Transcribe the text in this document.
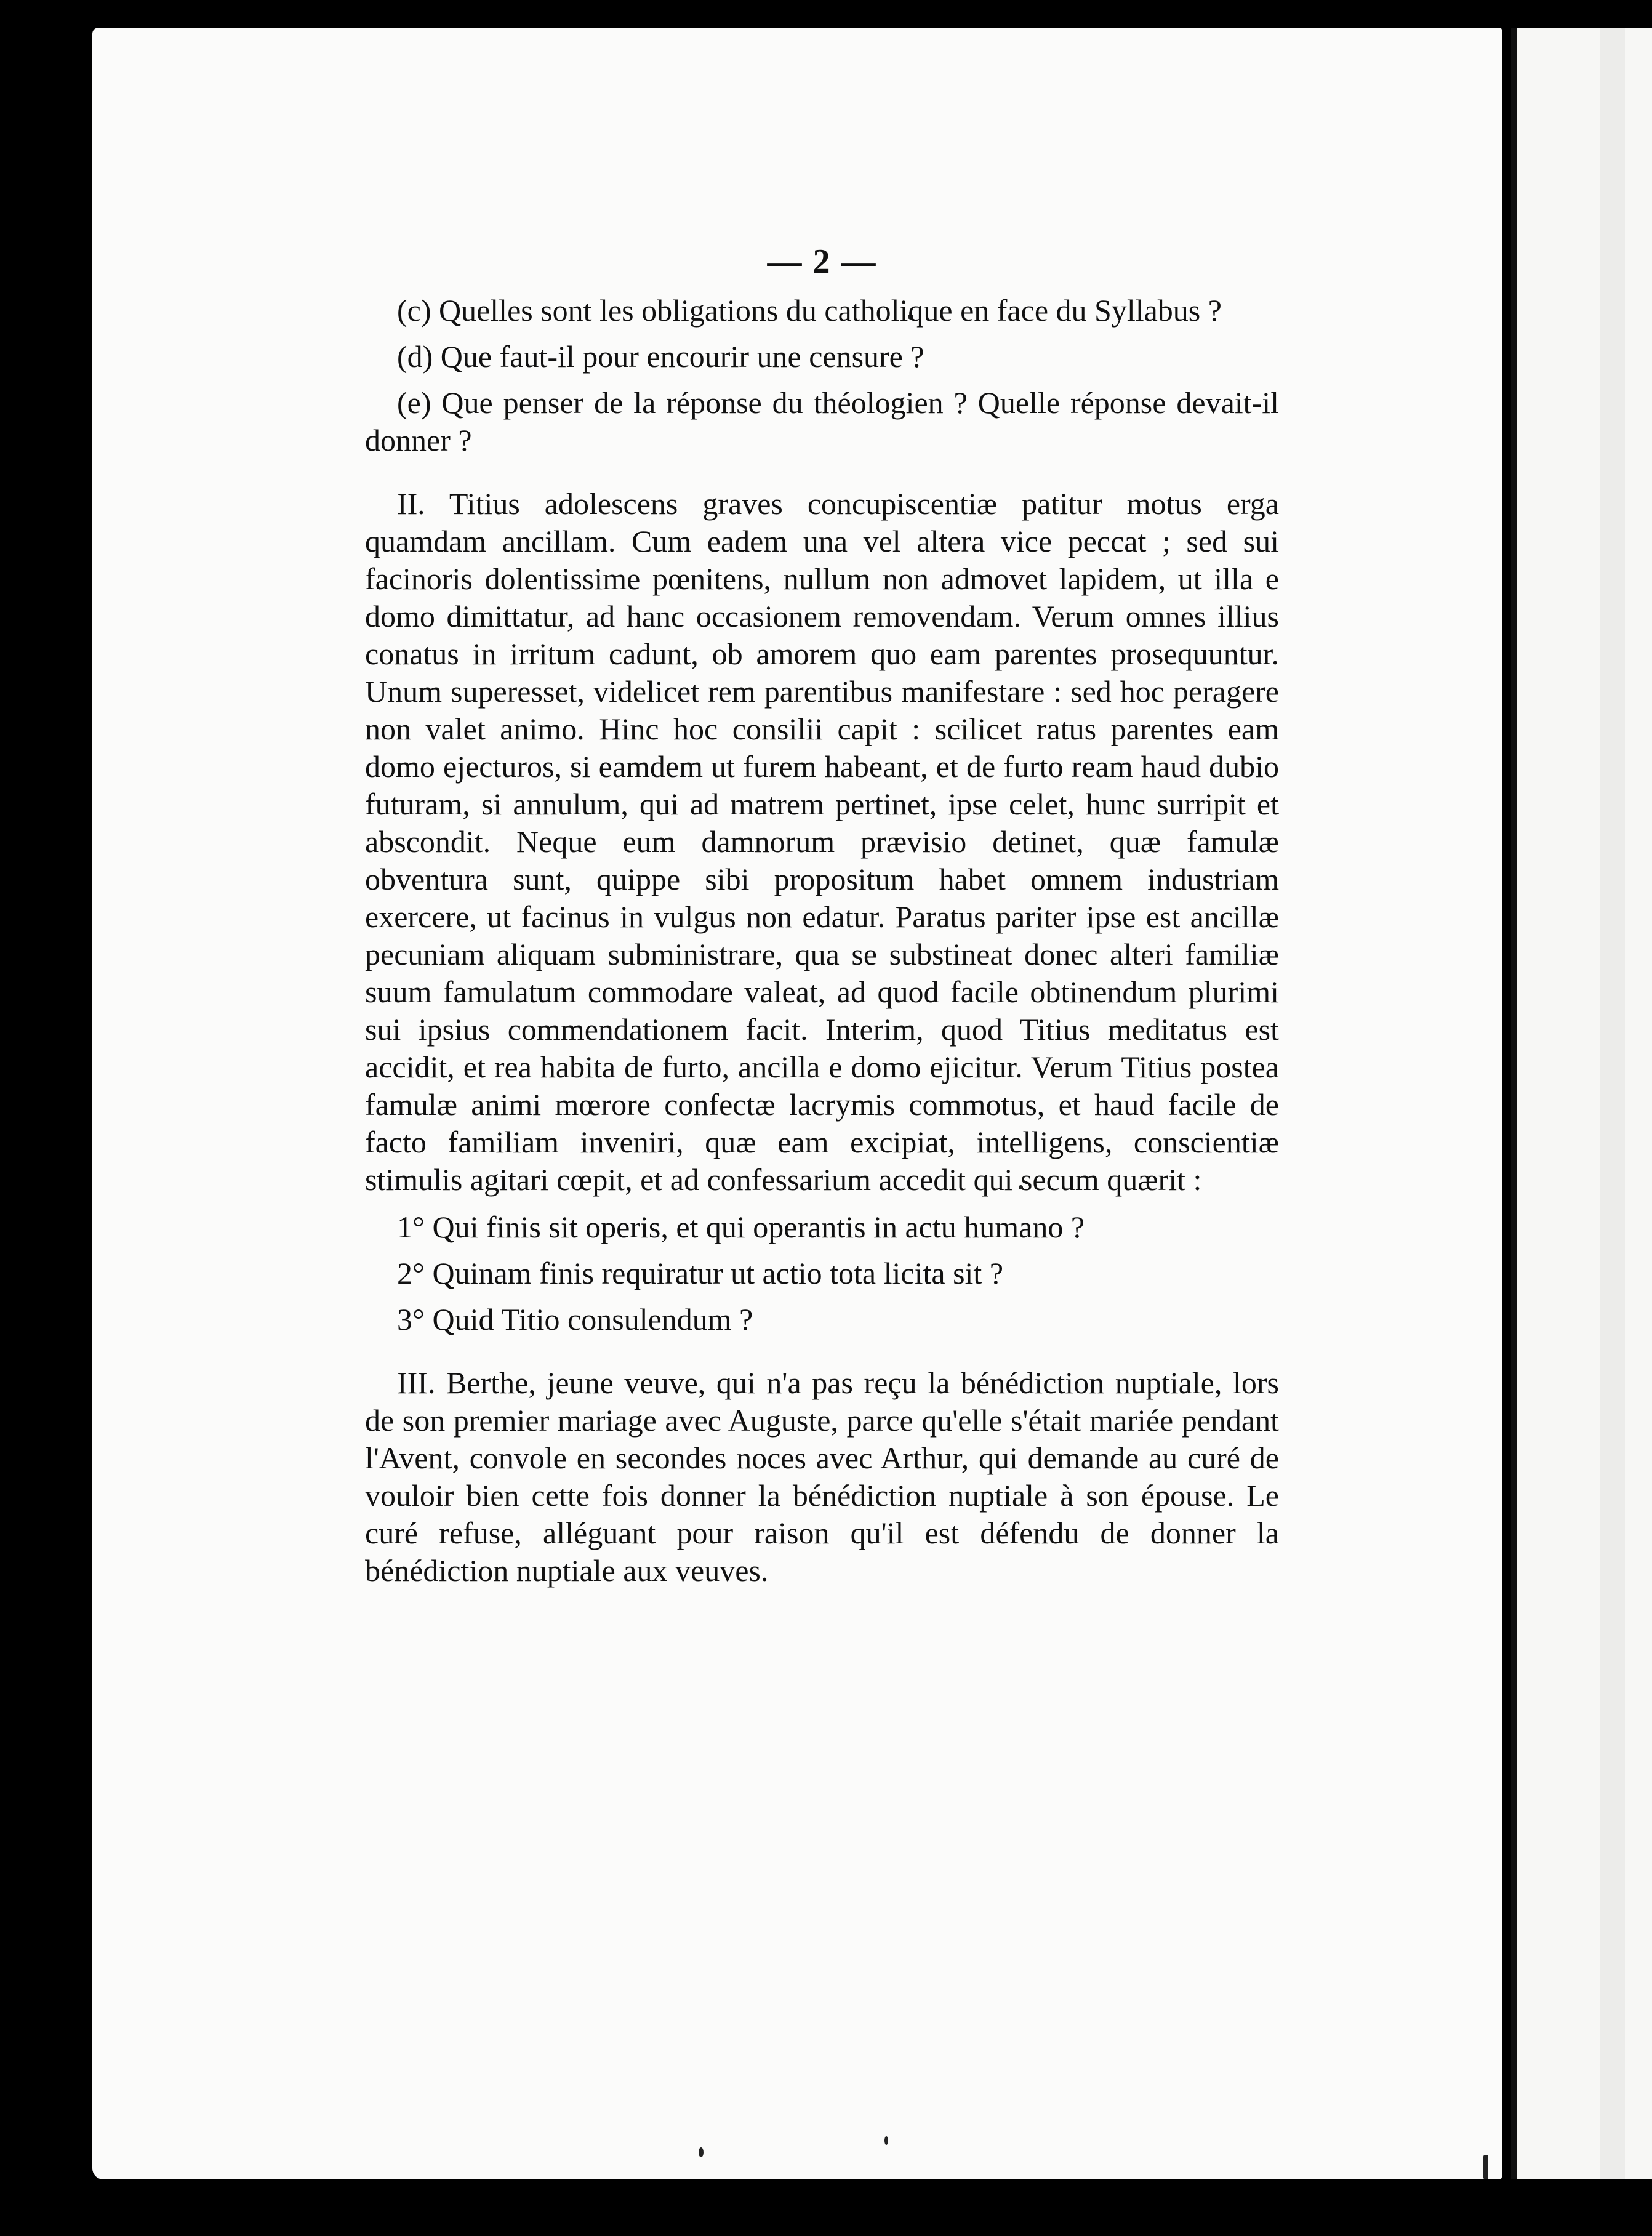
— 2 —

(c) Quelles sont les obligations du catholique en face du Syllabus ?

(d) Que faut-il pour encourir une censure ?

(e) Que penser de la réponse du théologien ? Quelle réponse devait-il donner ?

II. Titius adolescens graves concupiscentiæ patitur motus erga quamdam ancillam. Cum eadem una vel altera vice peccat ; sed sui facinoris dolentissime pœnitens, nullum non admovet lapidem, ut illa e domo dimittatur, ad hanc occasionem removendam. Verum omnes illius conatus in irritum cadunt, ob amorem quo eam parentes prosequuntur. Unum superesset, videlicet rem parentibus manifestare : sed hoc peragere non valet animo. Hinc hoc consilii capit : scilicet ratus parentes eam domo ejecturos, si eamdem ut furem habeant, et de furto ream haud dubio futuram, si annulum, qui ad matrem pertinet, ipse celet, hunc surripit et abscondit. Neque eum damnorum prævisio detinet, quæ famulæ obventura sunt, quippe sibi propositum habet omnem industriam exercere, ut facinus in vulgus non edatur. Paratus pariter ipse est ancillæ pecuniam aliquam subministrare, qua se substineat donec alteri familiæ suum famulatum commodare valeat, ad quod facile obtinendum plurimi sui ipsius commendationem facit. Interim, quod Titius meditatus est accidit, et rea habita de furto, ancilla e domo ejicitur. Verum Titius postea famulæ animi mœrore confectæ lacrymis commotus, et haud facile de facto familiam inveniri, quæ eam excipiat, intelligens, conscientiæ stimulis agitari cœpit, et ad confessarium accedit qui secum quærit :

1° Qui finis sit operis, et qui operantis in actu humano ?

2° Quinam finis requiratur ut actio tota licita sit ?

3° Quid Titio consulendum ?

III. Berthe, jeune veuve, qui n'a pas reçu la bénédiction nuptiale, lors de son premier mariage avec Auguste, parce qu'elle s'était mariée pendant l'Avent, convole en secondes noces avec Arthur, qui demande au curé de vouloir bien cette fois donner la bénédiction nuptiale à son épouse. Le curé refuse, alléguant pour raison qu'il est défendu de donner la bénédiction nuptiale aux veuves.
